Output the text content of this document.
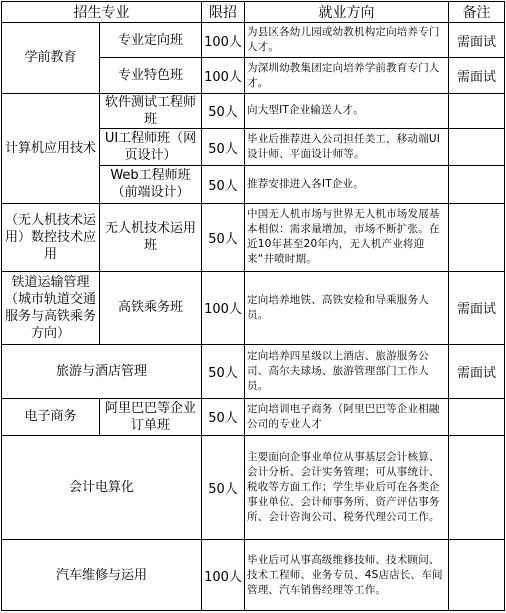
招生专业		限招	就业方向	备注
学前教育	专业定向班	100人	为县区各幼儿园或幼教机构定向培养专门人才。	需面试
	专业特色班	100人	为深圳幼教集团定向培养学前教育专门人才。	需面试
计算机应用技术	软件测试工程师班	50人	向大型IT企业输送人才。	
	UI工程师班（网页设计）	50人	毕业后推荐进入公司担任美工，移动端UI设计师、平面设计师等。	
	Web工程师班（前端设计）	50人	推荐安排进入各IT企业。	
（无人机技术运用）数控技术应用	无人机技术运用班	50人	中国无人机市场与世界无人机市场发展基本相似：需求量增加，市场不断扩张。在近10年甚至20年内，无人机产业将迎来“井喷时期。	
铁道运输管理（城市轨道交通服务与高铁乘务方向）	高铁乘务班	100人	定向培养地铁、高铁安检和导乘服务人员。	需面试
旅游与酒店管理		50人	定向培养四星级以上酒店、旅游服务公司、高尔夫球场、旅游管理部门工作人员。	需面试
电子商务	阿里巴巴等企业订单班	50人	定向培训电子商务（阿里巴巴等企业相融公司的专业人才	
会计电算化		50人	主要面向企事业单位从事基层会计核算、会计分析、会计实务管理；可从事统计、税收等方面工作；学生毕业后可在各类企事业单位、会计师事务所、资产评估事务所、会计咨询公司、税务代理公司工作。	
汽车维修与运用		100人	毕业后可从事高级维修技师、技术顾问、技术工程师、业务专员、4S店店长、车间管理、汽车销售经理等工作。	
